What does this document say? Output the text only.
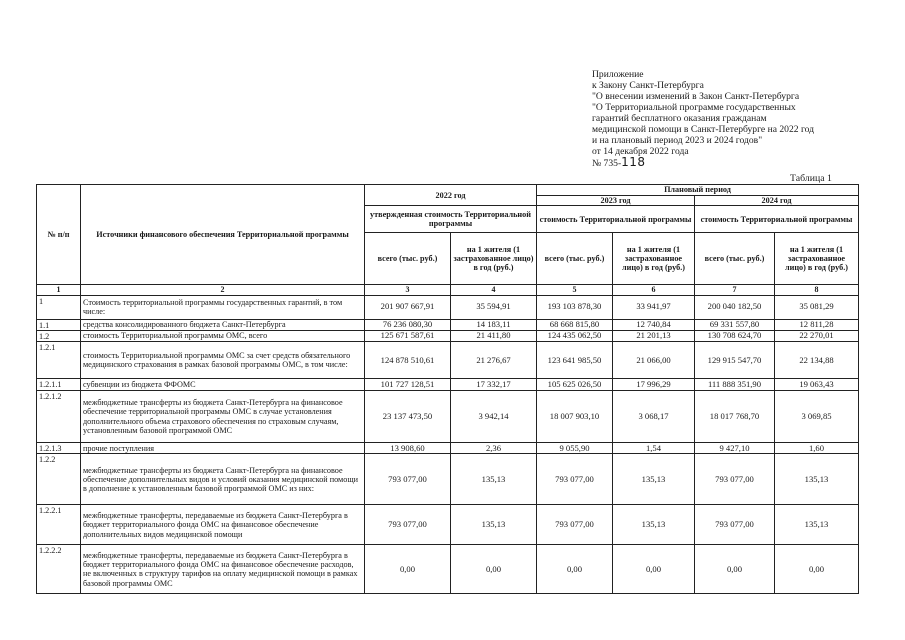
Приложение
к Закону Санкт-Петербурга
"О внесении изменений в Закон Санкт-Петербурга
"О Территориальной программе государственных
гарантий бесплатного оказания гражданам
медицинской помощи в Санкт-Петербурге на 2022 год
и на плановый период 2023 и 2024 годов"
от 14 декабря 2022 года
№ 735-118
Таблица 1
№ п/п	Источники финансового обеспечения Территориальной программы	2022 год		Плановый период			
				2023 год		2024 год	
		утвержденная стоимость Территориальной программы		стоимость Территориальной программы		стоимость Территориальной программы	
		всего (тыс. руб.)	на 1 жителя (1 застрахованное лицо) в год (руб.)	всего (тыс. руб.)	на 1 жителя (1 застрахованное лицо) в год (руб.)	всего (тыс. руб.)	на 1 жителя (1 застрахованное лицо) в год (руб.)
1	2	3	4	5	6	7	8
1	Стоимость территориальной программы государственных гарантий, в том числе:	201 907 667,91	35 594,91	193 103 878,30	33 941,97	200 040 182,50	35 081,29
1.1	средства консолидированного бюджета Санкт-Петербурга	76 236 080,30	14 183,11	68 668 815,80	12 740,84	69 331 557,80	12 811,28
1.2	стоимость Территориальной программы ОМС, всего	125 671 587,61	21 411,80	124 435 062,50	21 201,13	130 708 624,70	22 270,01
1.2.1	стоимость Территориальной программы ОМС за счет средств обязательного медицинского страхования в рамках базовой программы ОМС, в том числе:	124 878 510,61	21 276,67	123 641 985,50	21 066,00	129 915 547,70	22 134,88
1.2.1.1	субвенции из бюджета ФФОМС	101 727 128,51	17 332,17	105 625 026,50	17 996,29	111 888 351,90	19 063,43
1.2.1.2	межбюджетные трансферты из бюджета Санкт-Петербурга на финансовое обеспечение территориальной программы ОМС в случае установления дополнительного объема страхового обеспечения по страховым случаям, установленным базовой программой ОМС	23 137 473,50	3 942,14	18 007 903,10	3 068,17	18 017 768,70	3 069,85
1.2.1.3	прочие поступления	13 908,60	2,36	9 055,90	1,54	9 427,10	1,60
1.2.2	межбюджетные трансферты из бюджета Санкт-Петербурга на финансовое обеспечение дополнительных видов и условий оказания медицинской помощи в дополнение к установленным базовой программой ОМС из них:	793 077,00	135,13	793 077,00	135,13	793 077,00	135,13
1.2.2.1	межбюджетные трансферты, передаваемые из бюджета Санкт-Петербурга в бюджет территориального фонда ОМС на финансовое обеспечение дополнительных видов медицинской помощи	793 077,00	135,13	793 077,00	135,13	793 077,00	135,13
1.2.2.2	межбюджетные трансферты, передаваемые из бюджета Санкт-Петербурга в бюджет территориального фонда ОМС на финансовое обеспечение расходов, не включенных в структуру тарифов на оплату медицинской помощи в рамках базовой программы ОМС	0,00	0,00	0,00	0,00	0,00	0,00
